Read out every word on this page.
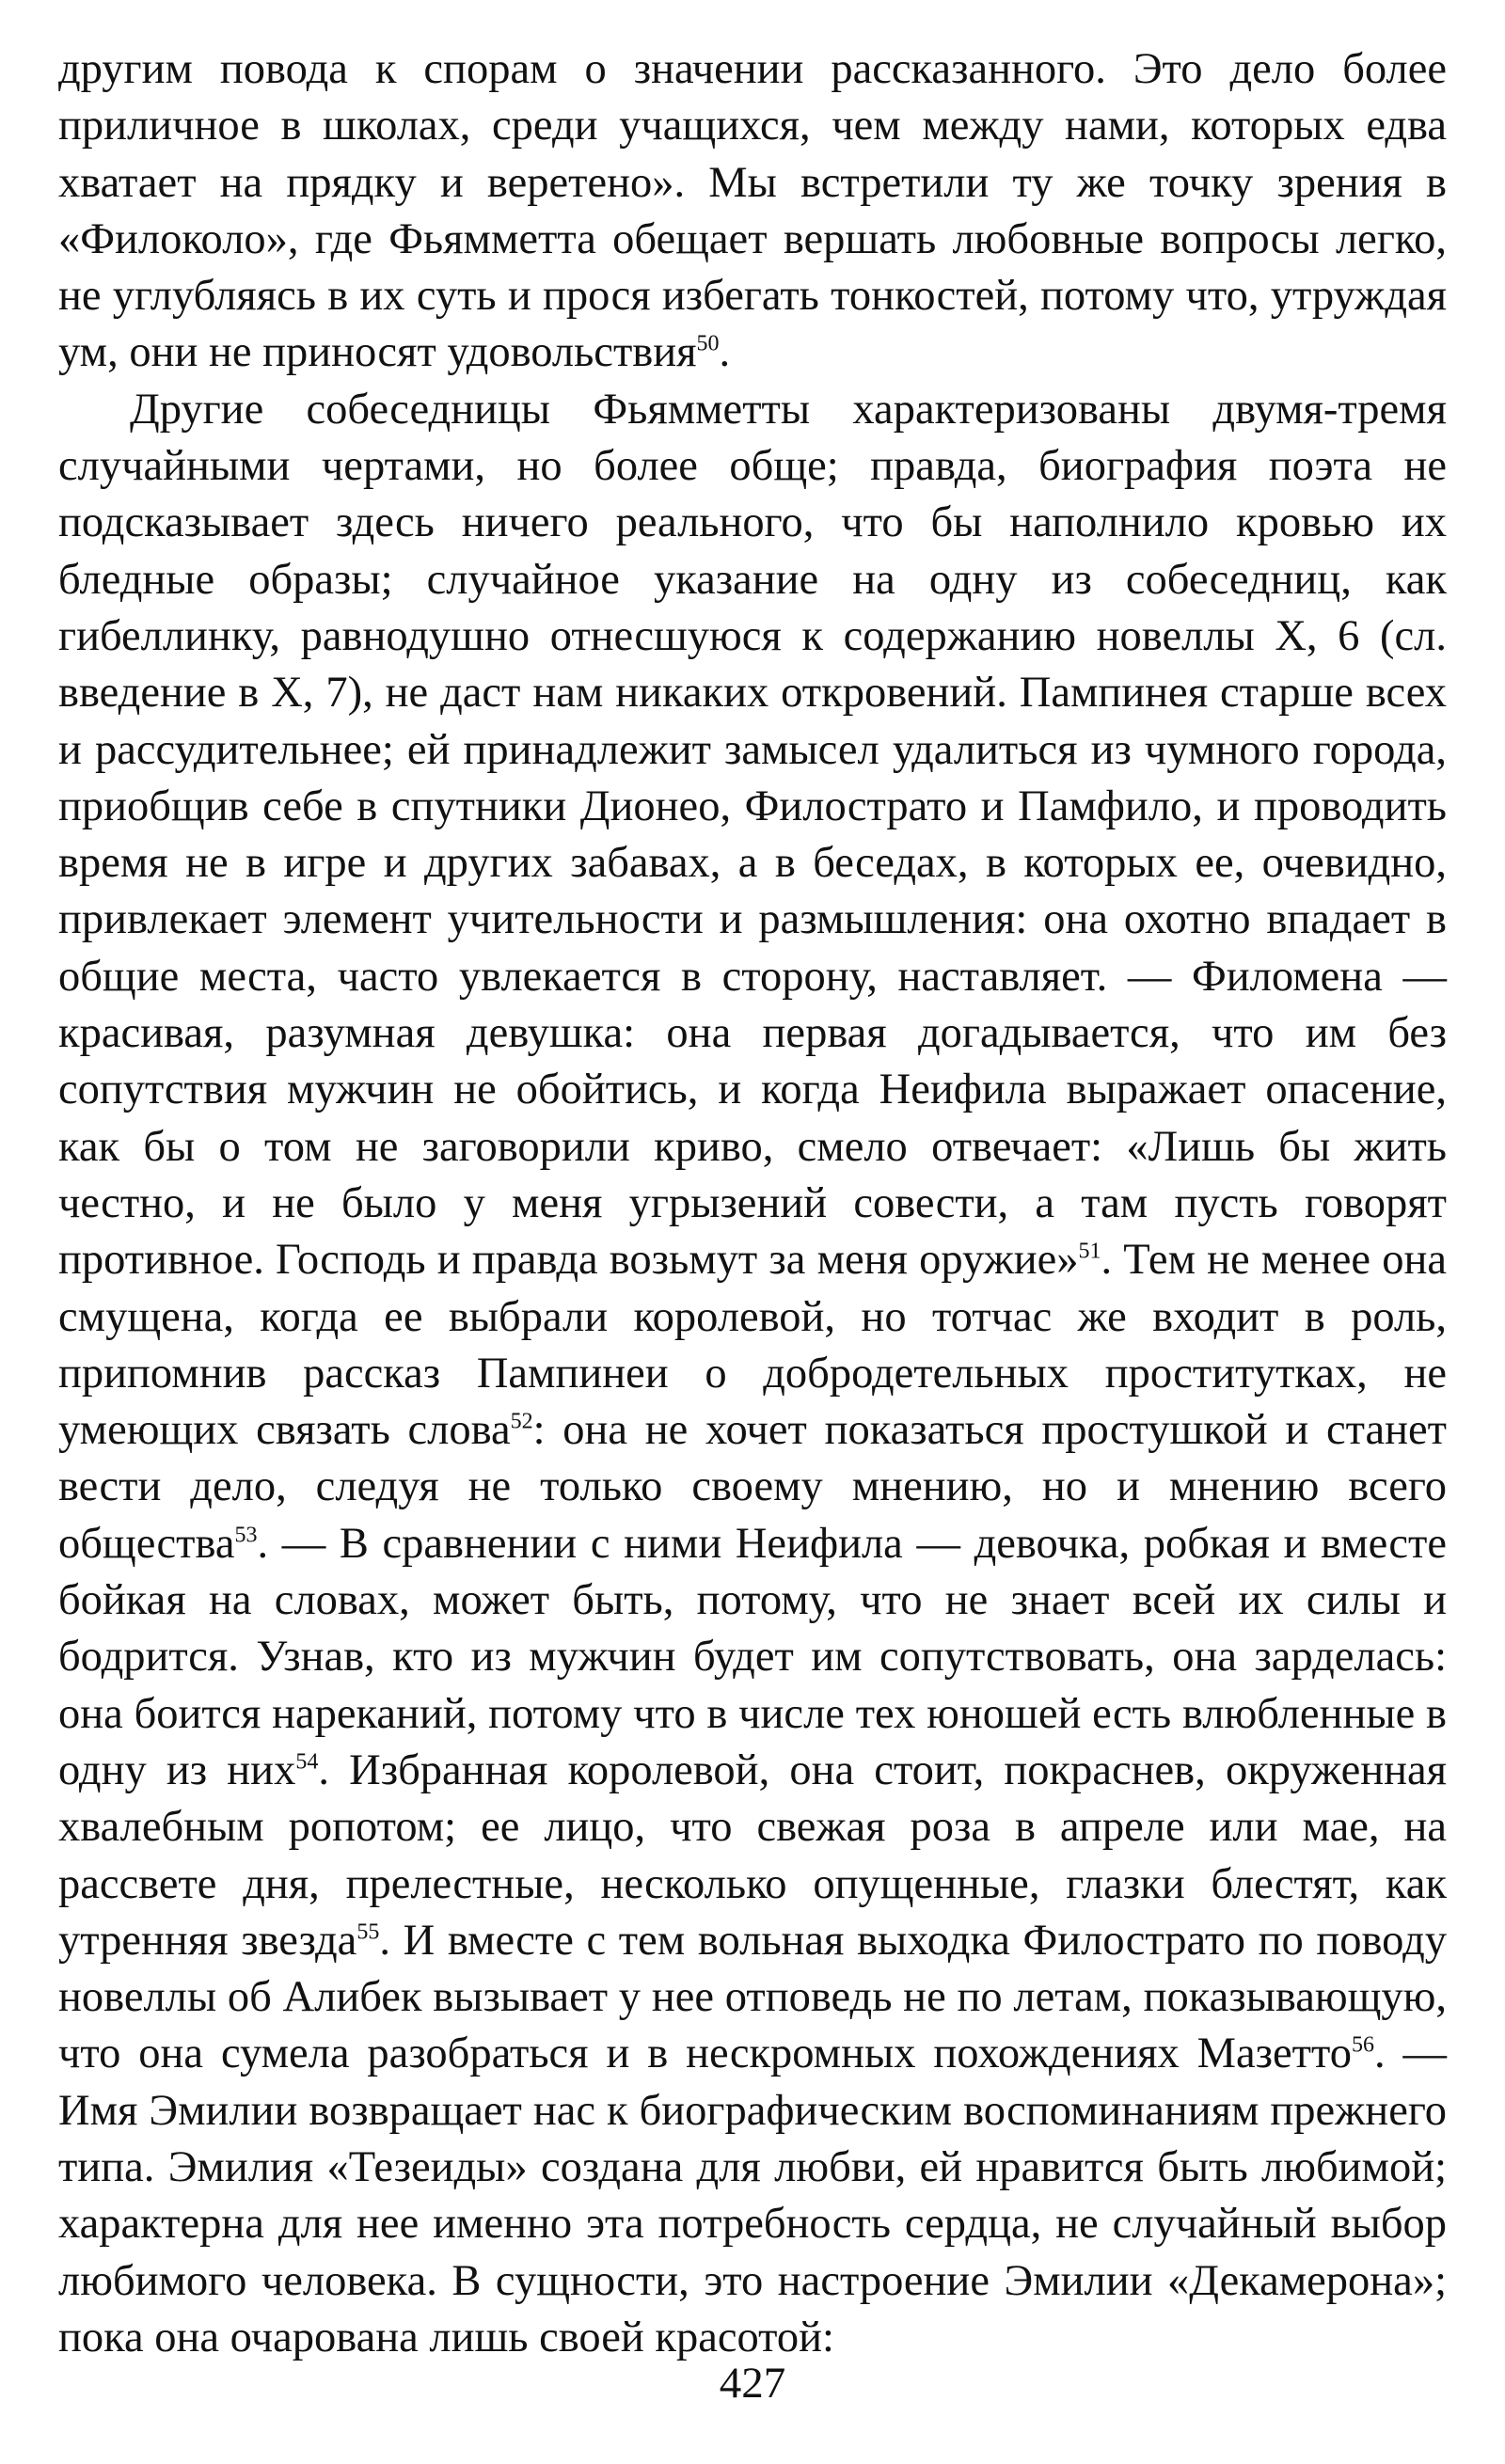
другим повода к спорам о значении рассказанного. Это дело более приличное в школах, среди учащихся, чем между нами, которых едва хватает на прядку и веретено». Мы встретили ту же точку зрения в «Филоколо», где Фьямметта обещает вершать любовные вопросы легко, не углубляясь в их суть и прося избегать тонкостей, потому что, утруждая ум, они не приносят удовольствия$^{50}$.

Другие собеседницы Фьямметты характеризованы двумя-тремя случайными чертами, но более обще; правда, биография поэта не подсказывает здесь ничего реального, что бы наполнило кровью их бледные образы; случайное указание на одну из собеседниц, как гибеллинку, равнодушно отнесшуюся к содержанию новеллы X, 6 (сл. введение в X, 7), не даст нам никаких откровений. Пампинея старше всех и рассудительнее; ей принадлежит замысел удалиться из чумного города, приобщив себе в спутники Дионео, Филострато и Памфило, и проводить время не в игре и других забавах, а в беседах, в которых ее, очевидно, привлекает элемент учительности и размышления: она охотно впадает в общие места, часто увлекается в сторону, наставляет. — Филомена — красивая, разумная девушка: она первая догадывается, что им без сопутствия мужчин не обойтись, и когда Неифила выражает опасение, как бы о том не заговорили криво, смело отвечает: «Лишь бы жить честно, и не было у меня угрызений совести, а там пусть говорят противное. Господь и правда возьмут за меня оружие»$^{51}$. Тем не менее она смущена, когда ее выбрали королевой, но тотчас же входит в роль, припомнив рассказ Пампинеи о добродетельных проститутках, не умеющих связать слова$^{52}$: она не хочет показаться простушкой и станет вести дело, следуя не только своему мнению, но и мнению всего общества$^{53}$. — В сравнении с ними Неифила — девочка, робкая и вместе бойкая на словах, может быть, потому, что не знает всей их силы и бодрится. Узнав, кто из мужчин будет им сопутствовать, она зарделась: она боится нареканий, потому что в числе тех юношей есть влюбленные в одну из них$^{54}$. Избранная королевой, она стоит, покраснев, окруженная хвалебным ропотом; ее лицо, что свежая роза в апреле или мае, на рассвете дня, прелестные, несколько опущенные, глазки блестят, как утренняя звезда$^{55}$. И вместе с тем вольная выходка Филострато по поводу новеллы об Алибек вызывает у нее отповедь не по летам, показывающую, что она сумела разобраться и в нескромных похождениях Мазетто$^{56}$. — Имя Эмилии возвращает нас к биографическим воспоминаниям прежнего типа. Эмилия «Тезеиды» создана для любви, ей нравится быть любимой; характерна для нее именно эта потребность сердца, не случайный выбор любимого человека. В сущности, это настроение Эмилии «Декамерона»; пока она очарована лишь своей красотой:

427
